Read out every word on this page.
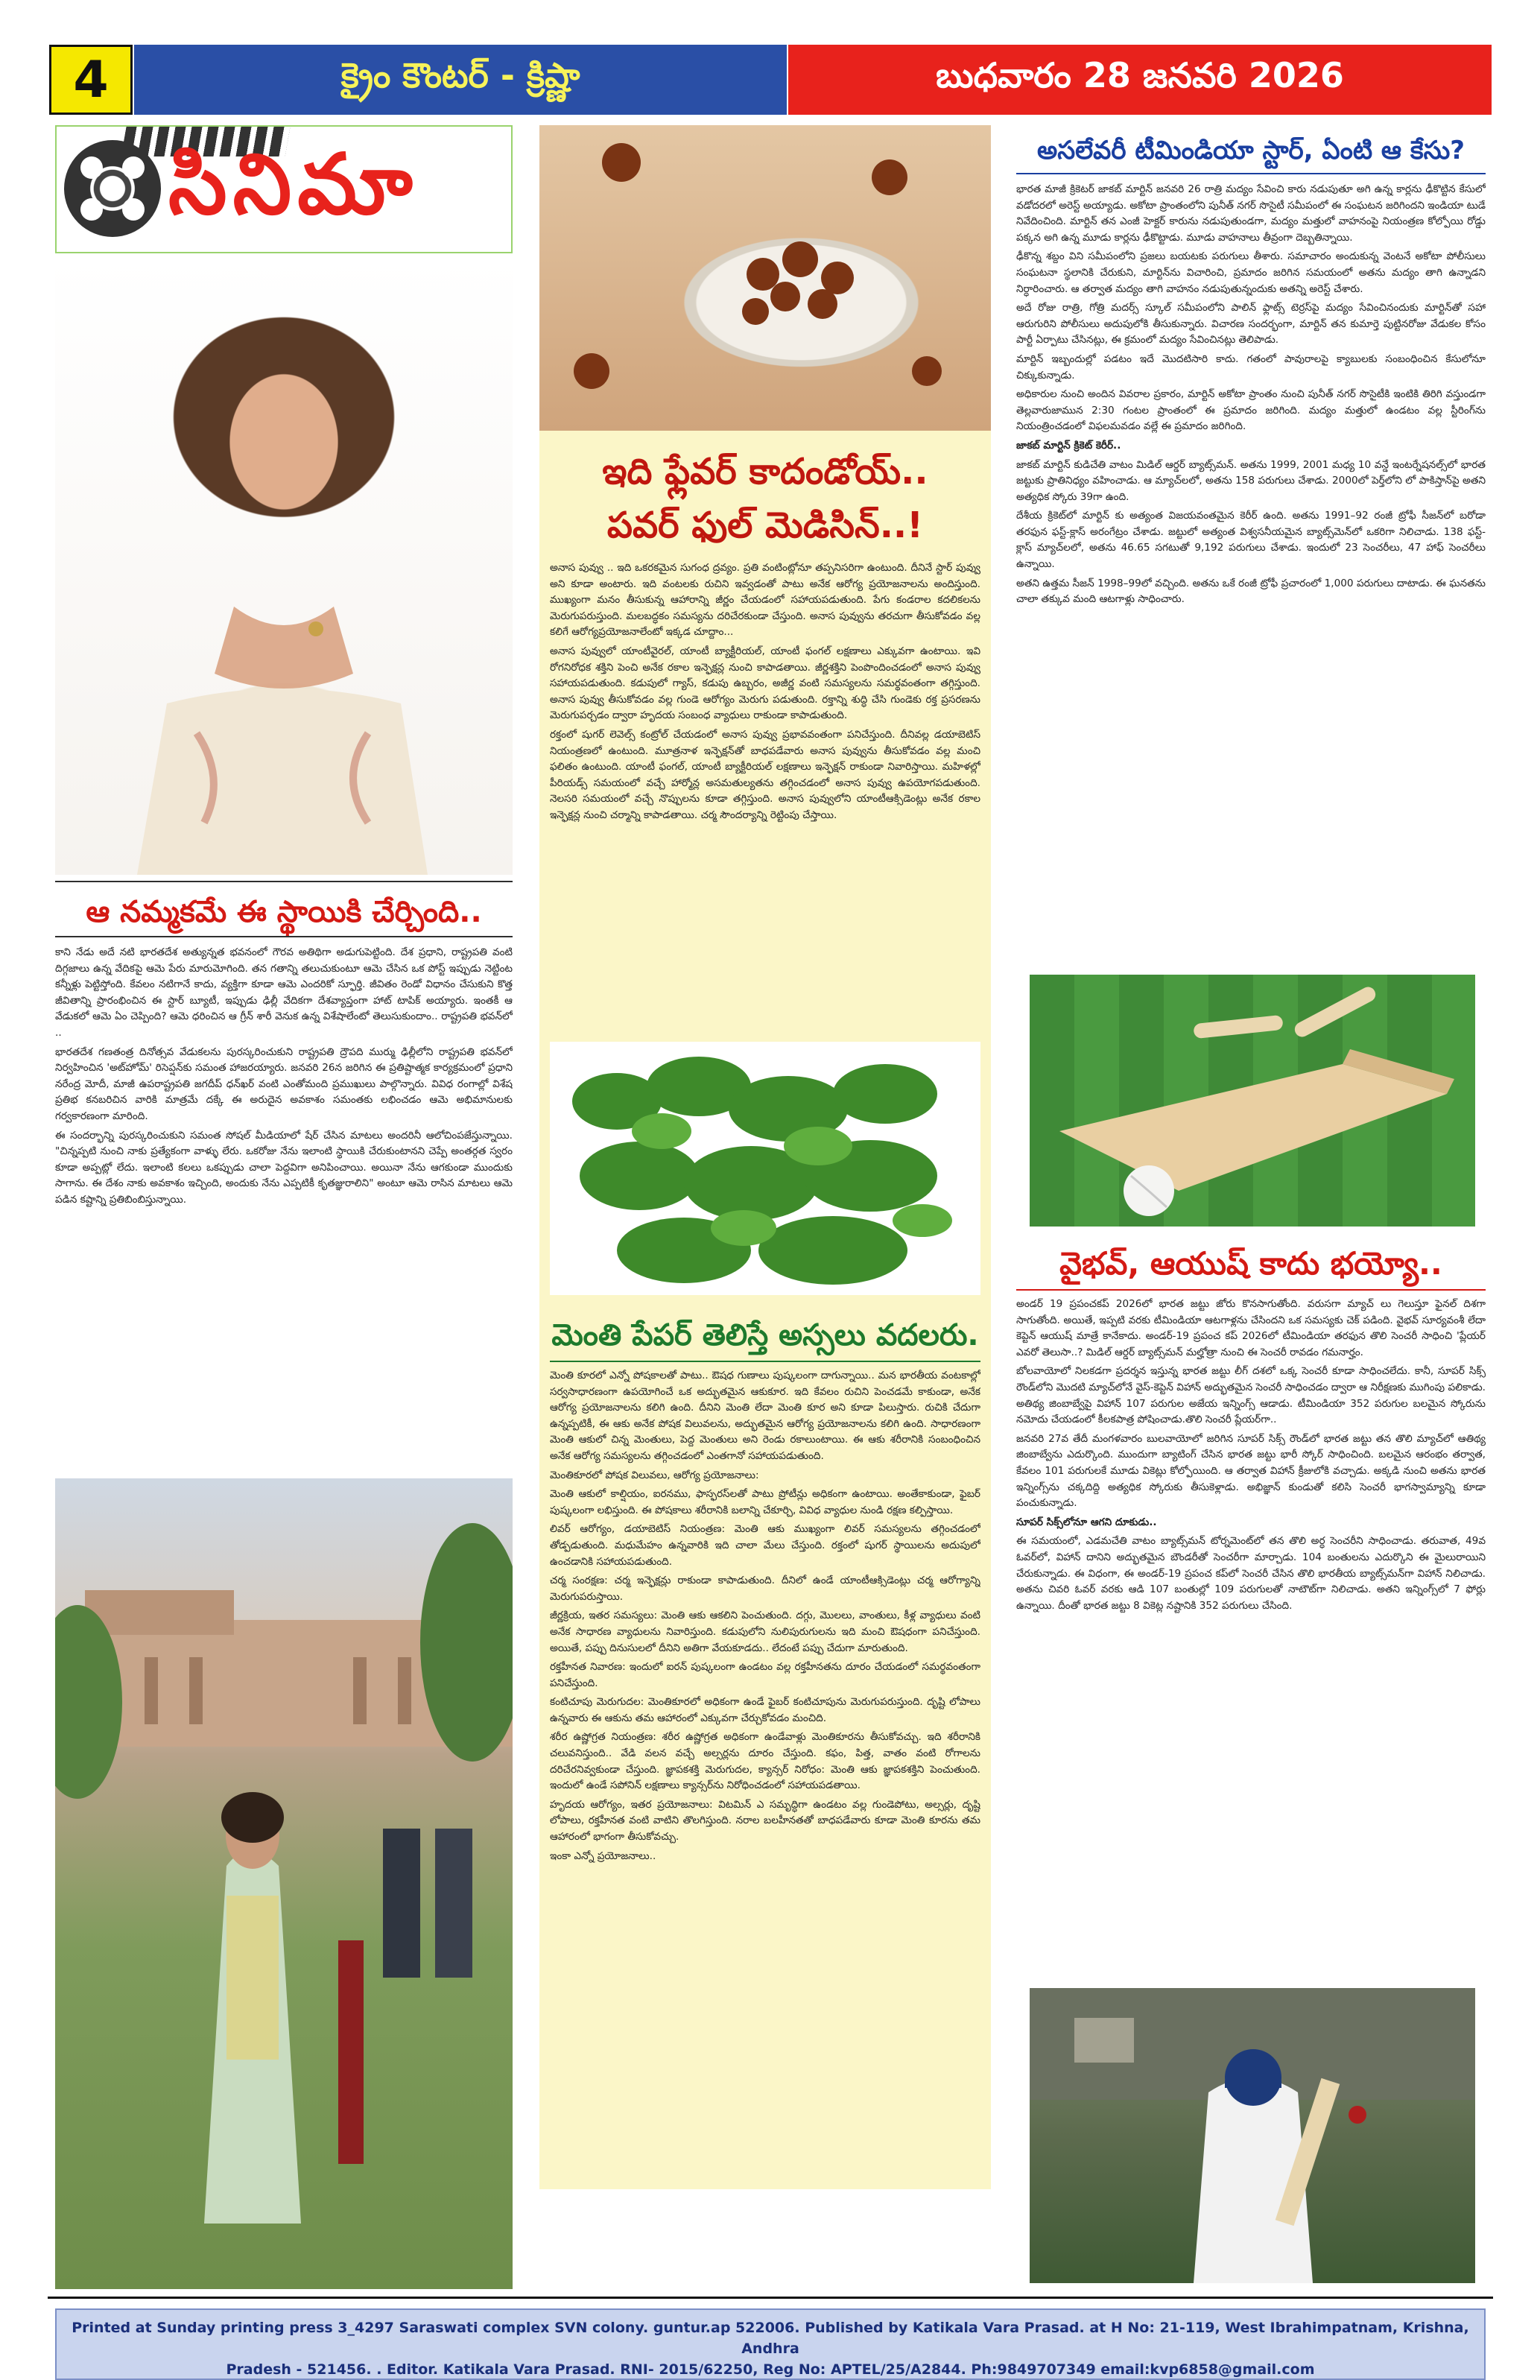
4	క్రైం కౌంటర్ - క్రిష్ణా	బుధవారం 28 జనవరి 2026
సినిమా
ఆ నమ్మకమే ఈ స్థాయికి చేర్చింది..

కాని నేడు అదే నటి భారతదేశ అత్యున్నత భవనంలో గౌరవ అతిథిగా అడుగుపెట్టింది. దేశ ప్రధాని, రాష్ట్రపతి వంటి దిగ్గజాలు ఉన్న వేదికపై ఆమె పేరు మారుమోగింది. తన గతాన్ని తలుచుకుంటూ ఆమె చేసిన ఒక పోస్ట్ ఇప్పుడు నెట్టింట కన్నీళ్లు పెట్టిస్తోంది. కేవలం నటిగానే కాదు, వ్యక్తిగా కూడా ఆమె ఎందరికో స్ఫూర్తి. జీవితం రెండో విధానం చేసుకుని కొత్త జీవితాన్ని ప్రారంభించిన ఈ స్టార్ బ్యూటీ, ఇప్పుడు ఢిల్లీ వేదికగా దేశవ్యాప్తంగా హాట్ టాపిక్ అయ్యారు. ఇంతకీ ఆ వేడుకలో ఆమె ఏం చెప్పింది? ఆమె ధరించిన ఆ గ్రీన్ శారీ వెనుక ఉన్న విశేషాలేంటో తెలుసుకుందాం.. రాష్ట్రపతి భవన్‌లో ..

భారతదేశ గణతంత్ర దినోత్సవ వేడుకలను పురస్కరించుకుని రాష్ట్రపతి ద్రౌపది ముర్ము ఢిల్లీలోని రాష్ట్రపతి భవన్‌లో నిర్వహించిన 'అట్‌హోమ్' రిసెప్షన్‌కు సమంత హాజరయ్యారు. జనవరి 26న జరిగిన ఈ ప్రతిష్టాత్మక కార్యక్రమంలో ప్రధాని నరేంద్ర మోదీ, మాజీ ఉపరాష్ట్రపతి జగదీప్ ధన్‌ఖర్ వంటి ఎంతోమంది ప్రముఖులు పాల్గొన్నారు. వివిధ రంగాల్లో విశేష ప్రతిభ కనబరిచిన వారికి మాత్రమే దక్కే ఈ అరుదైన అవకాశం సమంతకు లభించడం ఆమె అభిమానులకు గర్వకారణంగా మారింది.

ఈ సందర్భాన్ని పురస్కరించుకుని సమంత సోషల్ మీడియాలో షేర్ చేసిన మాటలు అందరినీ ఆలోచింపజేస్తున్నాయి. "చిన్నప్పటి నుంచి నాకు ప్రత్యేకంగా వాళ్ళు లేరు. ఒకరోజు నేను ఇలాంటి స్థాయికి చేరుకుంటానని చెప్పే అంతర్గత స్వరం కూడా అప్పట్లో లేదు. ఇలాంటి కలలు ఒకప్పుడు చాలా పెద్దవిగా అనిపించాయి. అయినా నేను ఆగకుండా ముందుకు సాగాను. ఈ దేశం నాకు అవకాశం ఇచ్చింది, అందుకు నేను ఎప్పటికీ కృతజ్ఞురాలిని" అంటూ ఆమె రాసిన మాటలు ఆమె పడిన కష్టాన్ని ప్రతిబింబిస్తున్నాయి.

ఇది ఫ్లేవర్ కాదండోయ్..
పవర్ ఫుల్ మెడిసిన్..!

అనాస పువ్వు .. ఇది ఒకరకమైన సుగంధ ద్రవ్యం. ప్రతి వంటింట్లోనూ తప్పనిసరిగా ఉంటుంది. దీనినే స్టార్ పువ్వు అని కూడా అంటారు. ఇది వంటలకు రుచిని ఇవ్వడంతో పాటు అనేక ఆరోగ్య ప్రయోజనాలను అందిస్తుంది. ముఖ్యంగా మనం తీసుకున్న ఆహారాన్ని జీర్ణం చేయడంలో సహాయపడుతుంది. పేగు కండరాల కదలికలను మెరుగుపరుస్తుంది. మలబద్ధకం సమస్యను దరిచేరకుండా చేస్తుంది. అనాస పువ్వును తరచుగా తీసుకోవడం వల్ల కలిగే ఆరోగ్యప్రయోజనాలేంటో ఇక్కడ చూద్దాం...

అనాస పువ్వులో యాంటీవైరల్, యాంటీ బ్యాక్టీరియల్, యాంటీ ఫంగల్ లక్షణాలు ఎక్కువగా ఉంటాయి. ఇవి రోగనిరోధక శక్తిని పెంచి అనేక రకాల ఇన్ఫెక్షన్ల నుంచి కాపాడతాయి. జీర్ణశక్తిని పెంపొందించడంలో అనాస పువ్వు సహాయపడుతుంది. కడుపులో గ్యాస్, కడుపు ఉబ్బరం, అజీర్ణ వంటి సమస్యలను సమర్థవంతంగా తగ్గిస్తుంది. అనాస పువ్వు తీసుకోవడం వల్ల గుండె ఆరోగ్యం మెరుగు పడుతుంది. రక్తాన్ని శుద్ధి చేసి గుండెకు రక్త ప్రసరణను మెరుగుపర్చడం ద్వారా హృదయ సంబంధ వ్యాధులు రాకుండా కాపాడుతుంది.

రక్తంలో షుగర్ లెవెల్స్ కంట్రోల్ చేయడంలో అనాస పువ్వు ప్రభావవంతంగా పనిచేస్తుంది. దీనివల్ల డయాబెటిస్ నియంత్రణలో ఉంటుంది. మూత్రనాళ ఇన్ఫెక్షన్‌తో బాధపడేవారు అనాస పువ్వును తీసుకోవడం వల్ల మంచి ఫలితం ఉంటుంది. యాంటీ ఫంగల్, యాంటీ బ్యాక్టీరియల్ లక్షణాలు ఇన్ఫెక్షన్ రాకుండా నివారిస్తాయి. మహిళల్లో పీరియడ్స్ సమయంలో వచ్చే హార్మోన్ల అసమతుల్యతను తగ్గించడంలో అనాస పువ్వు ఉపయోగపడుతుంది. నెలసరి సమయంలో వచ్చే నొప్పులను కూడా తగ్గిస్తుంది. అనాస పువ్వులోని యాంటీఆక్సిడెంట్లు అనేక రకాల ఇన్ఫెక్షన్ల నుంచి చర్మాన్ని కాపాడతాయి. చర్మ సౌందర్యాన్ని రెట్టింపు చేస్తాయి.

మెంతి పేపర్ తెలిస్తే అస్సలు వదలరు.

మెంతి కూరలో ఎన్నో పోషకాలతో పాటు.. ఔషధ గుణాలు పుష్కలంగా దాగున్నాయి.. మన భారతీయ వంటకాల్లో సర్వసాధారణంగా ఉపయోగించే ఒక అద్భుతమైన ఆకుకూర. ఇది కేవలం రుచిని పెంచడమే కాకుండా, అనేక ఆరోగ్య ప్రయోజనాలను కలిగి ఉంది. దీనిని మెంతి లేదా మెంతి కూర అని కూడా పిలుస్తారు. రుచికి చేదుగా ఉన్నప్పటికీ, ఈ ఆకు అనేక పోషక విలువలను, అద్భుతమైన ఆరోగ్య ప్రయోజనాలను కలిగి ఉంది. సాధారణంగా మెంతి ఆకులో చిన్న మెంతులు, పెద్ద మెంతులు అని రెండు రకాలుంటాయి. ఈ ఆకు శరీరానికి సంబంధించిన అనేక ఆరోగ్య సమస్యలను తగ్గించడంలో ఎంతగానో సహాయపడుతుంది.

మెంతికూరలో పోషక విలువలు, ఆరోగ్య ప్రయోజనాలు:

మెంతి ఆకులో కాల్షియం, ఐరనము, ఫాస్ఫరస్‌లతో పాటు ప్రోటీన్లు అధికంగా ఉంటాయి. అంతేకాకుండా, ఫైబర్ పుష్కలంగా లభిస్తుంది. ఈ పోషకాలు శరీరానికి బలాన్ని చేకూర్చి, వివిధ వ్యాధుల నుండి రక్షణ కల్పిస్తాయి.

లివర్ ఆరోగ్యం, డయాబెటిస్ నియంత్రణ: మెంతి ఆకు ముఖ్యంగా లివర్ సమస్యలను తగ్గించడంలో తోడ్పడుతుంది. మధుమేహం ఉన్నవారికి ఇది చాలా మేలు చేస్తుంది. రక్తంలో షుగర్ స్థాయిలను అదుపులో ఉంచడానికి సహాయపడుతుంది.

చర్మ సంరక్షణ: చర్మ ఇన్ఫెక్షన్లు రాకుండా కాపాడుతుంది. దీనిలో ఉండే యాంటీఆక్సిడెంట్లు చర్మ ఆరోగ్యాన్ని మెరుగుపరుస్తాయి.

జీర్ణక్రియ, ఇతర సమస్యలు: మెంతి ఆకు ఆకలిని పెంచుతుంది. దగ్గు, మొలలు, వాంతులు, కీళ్ల వ్యాధులు వంటి అనేక సాధారణ వ్యాధులను నివారిస్తుంది. కడుపులోని నులిపురుగులను ఇది మంచి ఔషధంగా పనిచేస్తుంది. అయితే, పప్పు దినుసులలో దీనిని అతిగా వేయకూడదు.. లేదంటే పప్పు చేదుగా మారుతుంది.

రక్తహీనత నివారణ: ఇందులో ఐరన్ పుష్కలంగా ఉండటం వల్ల రక్తహీనతను దూరం చేయడంలో సమర్థవంతంగా పనిచేస్తుంది.

కంటిచూపు మెరుగుదల: మెంతికూరలో అధికంగా ఉండే ఫైబర్ కంటిచూపును మెరుగుపరుస్తుంది. దృష్టి లోపాలు ఉన్నవారు ఈ ఆకును తమ ఆహారంలో ఎక్కువగా చేర్చుకోవడం మంచిది.

శరీర ఉష్ణోగ్రత నియంత్రణ: శరీర ఉష్ణోగ్రత అధికంగా ఉండేవాళ్లు మెంతికూరను తీసుకోవచ్చు. ఇది శరీరానికి చలువనిస్తుంది.. వేడి వలన వచ్చే అల్సర్లను దూరం చేస్తుంది. కఫం, పిత్త, వాతం వంటి రోగాలను దరిచేరనివ్వకుండా చేస్తుంది. జ్ఞాపకశక్తి మెరుగుదల, క్యాన్సర్ నిరోధం: మెంతి ఆకు జ్ఞాపకశక్తిని పెంచుతుంది. ఇందులో ఉండే సపోనిన్ లక్షణాలు క్యాన్సర్‌ను నిరోధించడంలో సహాయపడతాయి.

హృదయ ఆరోగ్యం, ఇతర ప్రయోజనాలు: విటమిన్ ఎ సమృద్ధిగా ఉండటం వల్ల గుండెపోటు, అల్సర్లు, దృష్టి లోపాలు, రక్తహీనత వంటి వాటిని తొలగిస్తుంది. నరాల బలహీనతతో బాధపడేవారు కూడా మెంతి కూరను తమ ఆహారంలో భాగంగా తీసుకోవచ్చు.

ఇంకా ఎన్నో ప్రయోజనాలు..

అసలేవరీ టీమిండియా స్టార్, ఏంటి ఆ కేసు?

భారత మాజీ క్రికెటర్ జాకబ్ మార్టిన్ జనవరి 26 రాత్రి మద్యం సేవించి కారు నడుపుతూ అగి ఉన్న కార్లను ఢీకొట్టిన కేసులో వడోదరలో అరెస్ట్ అయ్యాడు. అకోటా ప్రాంతంలోని పునీత్ నగర్ సొసైటీ సమీపంలో ఈ సంఘటన జరిగిందని ఇండియా టుడే నివేదించింది. మార్టిన్ తన ఎంజీ హెక్టర్ కారును నడుపుతుండగా, మద్యం మత్తులో వాహనంపై నియంత్రణ కోల్పోయి రోడ్డు పక్కన అగి ఉన్న మూడు కార్లను ఢీకొట్టాడు. మూడు వాహనాలు తీవ్రంగా దెబ్బతిన్నాయి.

ఢీకొన్న శబ్దం విని సమీపంలోని ప్రజలు బయటకు పరుగులు తీశారు. సమాచారం అందుకున్న వెంటనే అకోటా పోలీసులు సంఘటనా స్థలానికి చేరుకుని, మార్టిన్‌ను విచారించి, ప్రమాదం జరిగిన సమయంలో అతను మద్యం తాగి ఉన్నాడని నిర్ధారించారు. ఆ తర్వాత మద్యం తాగి వాహనం నడుపుతున్నందుకు అతన్ని అరెస్ట్ చేశారు.

అదే రోజు రాత్రి, గోత్రి మదర్స్ స్కూల్ సమీపంలోని పాలిన్ ఫ్లాట్స్ టెర్రస్‌పై మద్యం సేవించినందుకు మార్టిన్‌తో సహా ఆరుగురిని పోలీసులు అదుపులోకి తీసుకున్నారు. విచారణ సందర్భంగా, మార్టిన్ తన కుమార్తె పుట్టినరోజు వేడుకల కోసం పార్టీ ఏర్పాటు చేసినట్లు, ఈ క్రమంలో మద్యం సేవించినట్లు తెలిపాడు.

మార్టిన్ ఇబ్బందుల్లో పడటం ఇదే మొదటిసారి కాదు. గతంలో పావురాలపై క్యాబులకు సంబంధించిన కేసులోనూ చిక్కుకున్నాడు.

అధికారుల నుంచి అందిన వివరాల ప్రకారం, మార్టిన్ అకోటా ప్రాంతం నుంచి పునీత్ నగర్ సొసైటీకి ఇంటికి తిరిగి వస్తుండగా తెల్లవారుజామున 2:30 గంటల ప్రాంతంలో ఈ ప్రమాదం జరిగింది. మద్యం మత్తులో ఉండటం వల్ల స్టీరింగ్‌ను నియంత్రించడంలో విఫలమవడం వల్లే ఈ ప్రమాదం జరిగింది.

జాకబ్ మార్టిన్ క్రికెట్ కెరీర్..

జాకబ్ మార్టిన్ కుడిచేతి వాటం మిడిల్ ఆర్డర్ బ్యాట్స్‌మన్. అతను 1999, 2001 మధ్య 10 వన్డే ఇంటర్నేషనల్స్‌లో భారత జట్టుకు ప్రాతినిధ్యం వహించాడు. ఆ మ్యాచ్‌లలో, అతను 158 పరుగులు చేశాడు. 2000లో పెర్త్‌లోని లో పాకిస్తాన్‌పై అతని అత్యధిక స్కోరు 39గా ఉంది.

దేశీయ క్రికెట్‌లో మార్టిన్ కు అత్యంత విజయవంతమైన కెరీర్ ఉంది. అతను 1991–92 రంజీ ట్రోఫీ సీజన్‌లో బరోడా తరఫున ఫస్ట్-క్లాస్ అరంగేట్రం చేశాడు. జట్టులో అత్యంత విశ్వసనీయమైన బ్యాట్స్‌మెన్‌లో ఒకరిగా నిలిచాడు. 138 ఫస్ట్-క్లాస్ మ్యాచ్‌లలో, అతను 46.65 సగటుతో 9,192 పరుగులు చేశాడు. ఇందులో 23 సెంచరీలు, 47 హాఫ్ సెంచరీలు ఉన్నాయి.

అతని ఉత్తమ సీజన్ 1998–99లో వచ్చింది. అతను ఒకే రంజీ ట్రోఫీ ప్రచారంలో 1,000 పరుగులు దాటాడు. ఈ ఘనతను చాలా తక్కువ మంది ఆటగాళ్లు సాధించారు.

వైభవ్, ఆయుష్ కాదు భయ్యో..

అండర్ 19 ప్రపంచకప్ 2026లో భారత జట్టు జోరు కొనసాగుతోంది. వరుసగా మ్యాచ్ లు గెలుస్తూ ఫైనల్ దిశగా సాగుతోంది. అయితే, ఇప్పటి వరకు టీమిండియా ఆటగాళ్లను చేసిందని ఒక సమస్యకు చెక్ పడింది. వైభవ్ సూర్యవంశీ లేదా కెప్టెన్ ఆయుష్ మాత్రే కానేకాదు. అండర్-19 ప్రపంచ కప్ 2026లో టీమిండియా తరఫున తొలి సెంచరీ సాధించి 'ప్లేయర్ ఎవరో తెలుసా..? మిడిల్ ఆర్డర్ బ్యాట్స్‌మన్ మల్హోత్రా నుంచి ఈ సెంచరీ రావడం గమనార్హం.

బోలవాయోలో నిలకడగా ప్రదర్శన ఇస్తున్న భారత జట్టు లీగ్ దశలో ఒక్క సెంచరీ కూడా సాధించలేదు. కానీ, సూపర్ సిక్స్ రౌండ్‌లోని మొదటి మ్యాచ్‌లోనే వైస్-కెప్టెన్ విహాన్ అద్భుతమైన సెంచరీ సాధించడం ద్వారా ఆ నిరీక్షణకు ముగింపు పలికాడు. అతిథ్య జింబాబ్వేపై విహాన్ 107 పరుగుల అజేయ ఇన్నింగ్స్ ఆడాడు. టీమిండియా 352 పరుగుల బలమైన స్కోరును నమోదు చేయడంలో కీలకపాత్ర పోషించాడు.తొలి సెంచరీ ప్లేయర్‌గా..

జనవరి 27వ తేదీ మంగళవారం బులవాయోలో జరిగిన సూపర్ సిక్స్ రౌండ్‌లో భారత జట్టు తన తొలి మ్యాచ్‌లో ఆతిథ్య జింబాబ్వేను ఎదుర్కొంది. ముందుగా బ్యాటింగ్ చేసిన భారత జట్టు భారీ స్కోర్ సాధించింది. బలమైన ఆరంభం తర్వాత, కేవలం 101 పరుగులకే మూడు వికెట్లు కోల్పోయింది. ఆ తర్వాత విహాన్ క్రీజులోకి వచ్చాడు. అక్కడి నుంచి అతను భారత ఇన్నింగ్స్‌ను చక్కదిద్ది అత్యధిక స్కోరుకు తీసుకెళ్లాడు. అభిజ్ఞాన్ కుండుతో కలిసి సెంచరీ భాగస్వామ్యాన్ని కూడా పంచుకున్నాడు.

సూపర్ సిక్స్‌లోనూ ఆగని దూకుడు..

ఈ సమయంలో, ఎడమచేతి వాటం బ్యాట్స్‌మన్ టోర్నమెంట్‌లో తన తొలి అర్ధ సెంచరీని సాధించాడు. తరువాత, 49వ ఓవర్‌లో, విహాన్ దానిని అద్భుతమైన బౌండరీతో సెంచరీగా మార్చాడు. 104 బంతులను ఎదుర్కొని ఈ మైలురాయిని చేరుకున్నాడు. ఈ విధంగా, ఈ అండర్-19 ప్రపంచ కప్‌లో సెంచరీ చేసిన తొలి భారతీయ బ్యాట్స్‌మన్‌గా విహాన్ నిలిచాడు. అతను చివరి ఓవర్ వరకు ఆడి 107 బంతుల్లో 109 పరుగులతో నాటౌట్‌గా నిలిచాడు. అతని ఇన్నింగ్స్‌లో 7 ఫోర్లు ఉన్నాయి. దీంతో భారత జట్టు 8 వికెట్ల నష్టానికి 352 పరుగులు చేసింది.

Printed at Sunday printing press 3_4297 Saraswati complex SVN colony. guntur.ap 522006. Published by Katikala Vara Prasad. at H No: 21-119, West Ibrahimpatnam, Krishna, Andhra
Pradesh - 521456. . Editor. Katikala Vara Prasad. RNI- 2015/62250, Reg No: APTEL/25/A2844. Ph:9849707349 email:kvp6858@gmail.com
